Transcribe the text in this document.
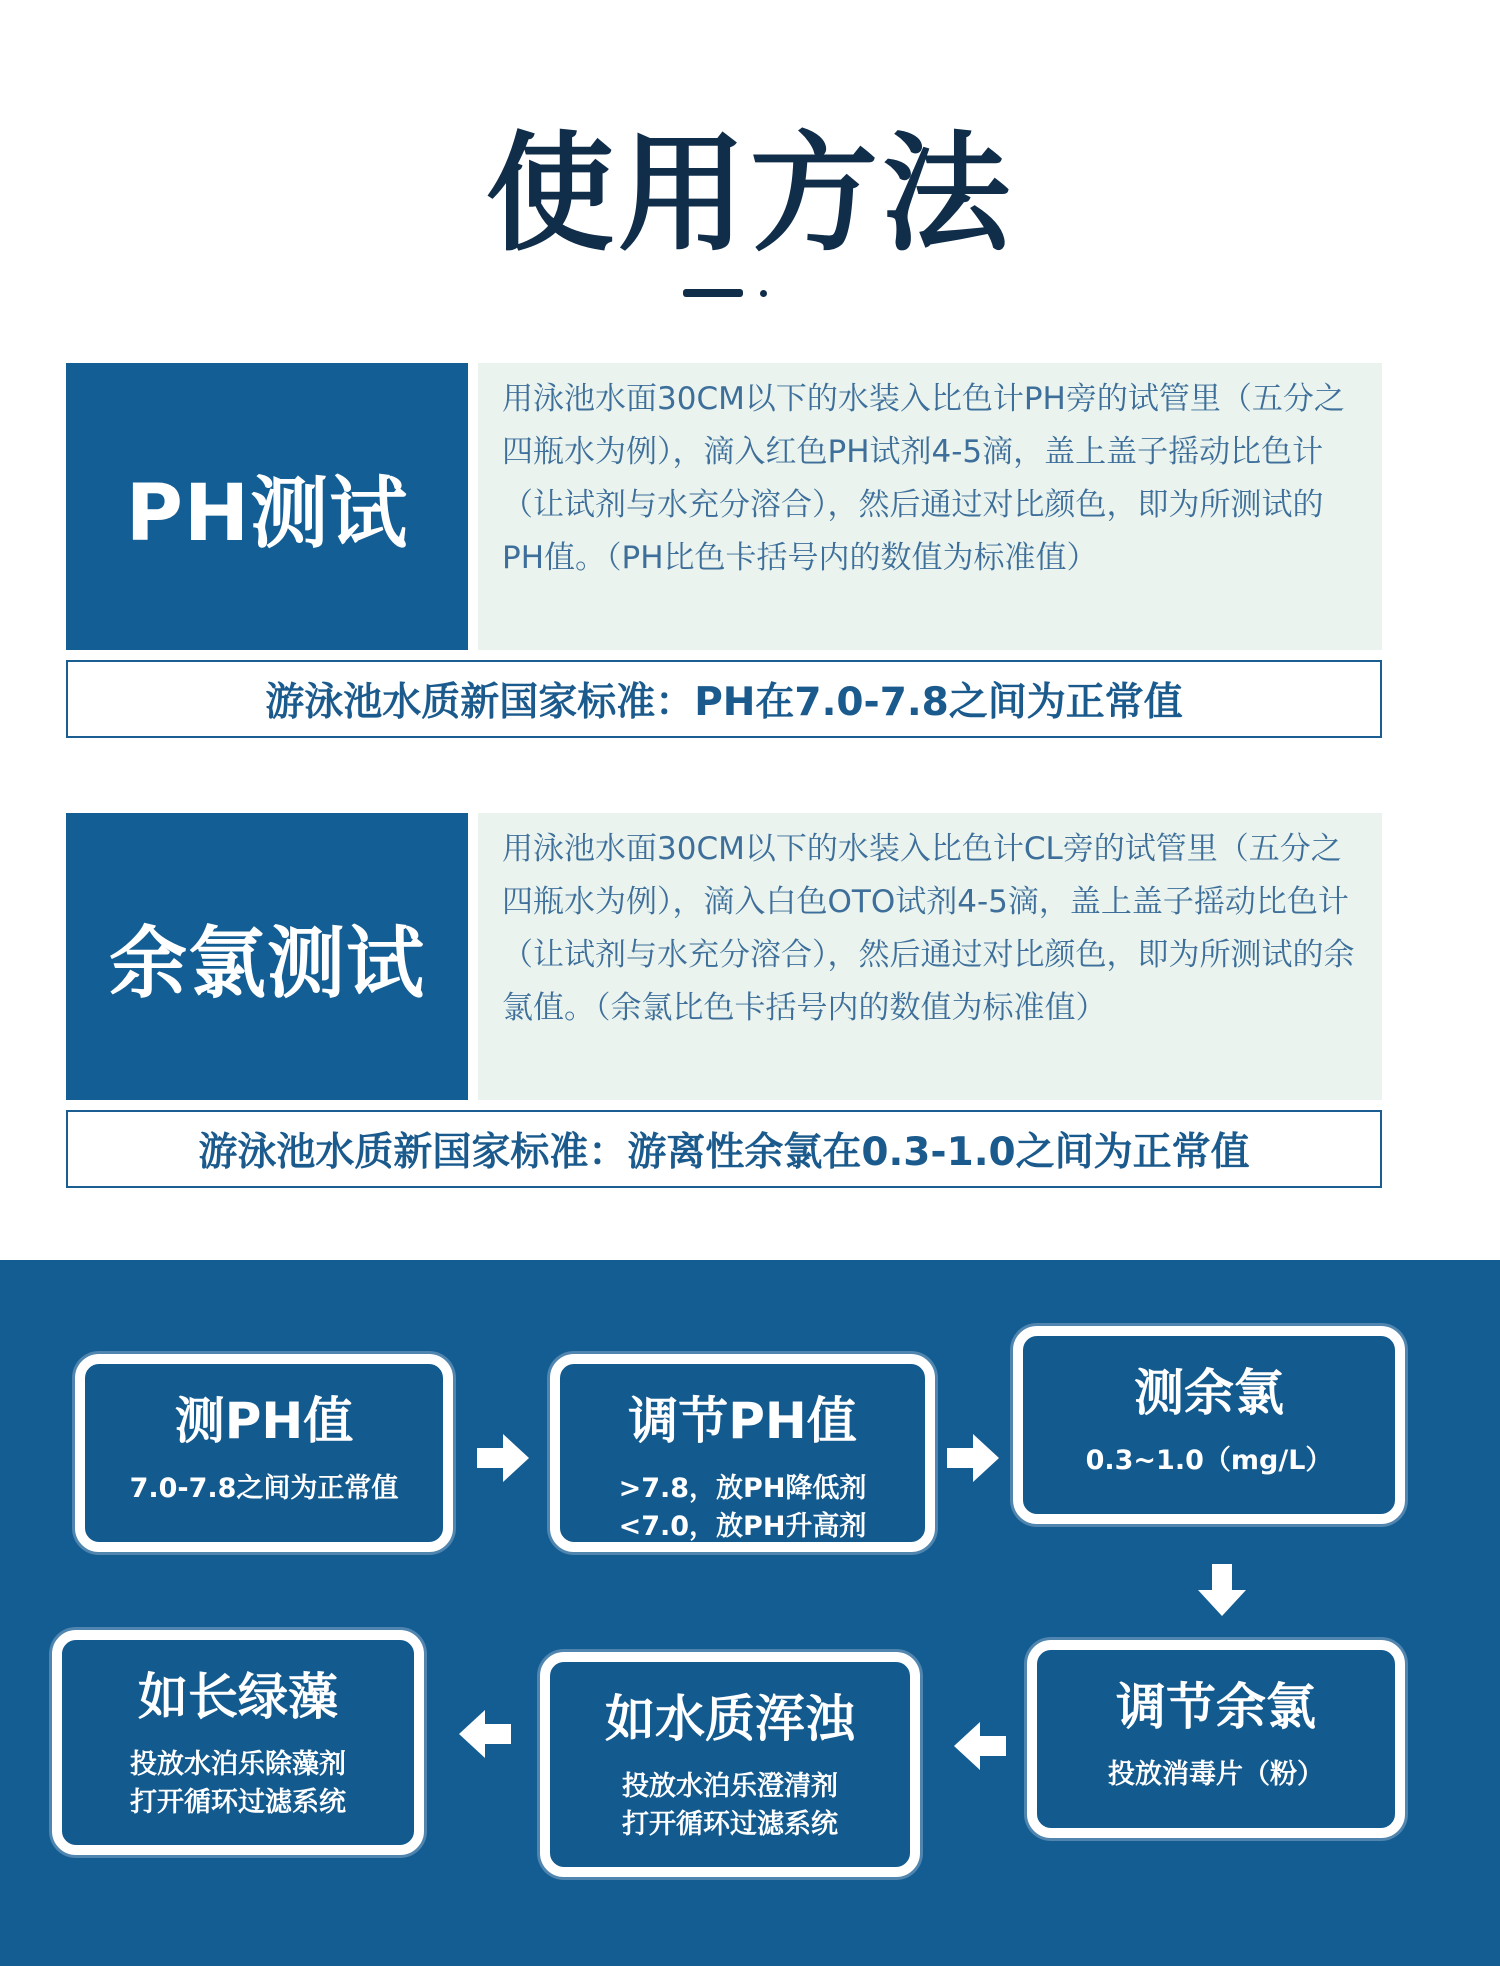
使用方法
PH测试
用泳池水面30CM以下的水装入比色计PH旁的试管里（五分之四瓶水为例），滴入红色PH试剂4-5滴，盖上盖子摇动比色计（让试剂与水充分溶合），然后通过对比颜色，即为所测试的PH值。（PH比色卡括号内的数值为标准值）
游泳池水质新国家标准：PH在7.0-7.8之间为正常值
余氯测试
用泳池水面30CM以下的水装入比色计CL旁的试管里（五分之四瓶水为例），滴入白色OTO试剂4-5滴，盖上盖子摇动比色计（让试剂与水充分溶合），然后通过对比颜色，即为所测试的余氯值。（余氯比色卡括号内的数值为标准值）
游泳池水质新国家标准：游离性余氯在0.3-1.0之间为正常值
测PH值
7.0-7.8之间为正常值
调节PH值
>7.8，放PH降低剂
<7.0，放PH升高剂
测余氯
0.3~1.0（mg/L）
调节余氯
投放消毒片（粉）
如水质浑浊
投放水泊乐澄清剂
打开循环过滤系统
如长绿藻
投放水泊乐除藻剂
打开循环过滤系统
